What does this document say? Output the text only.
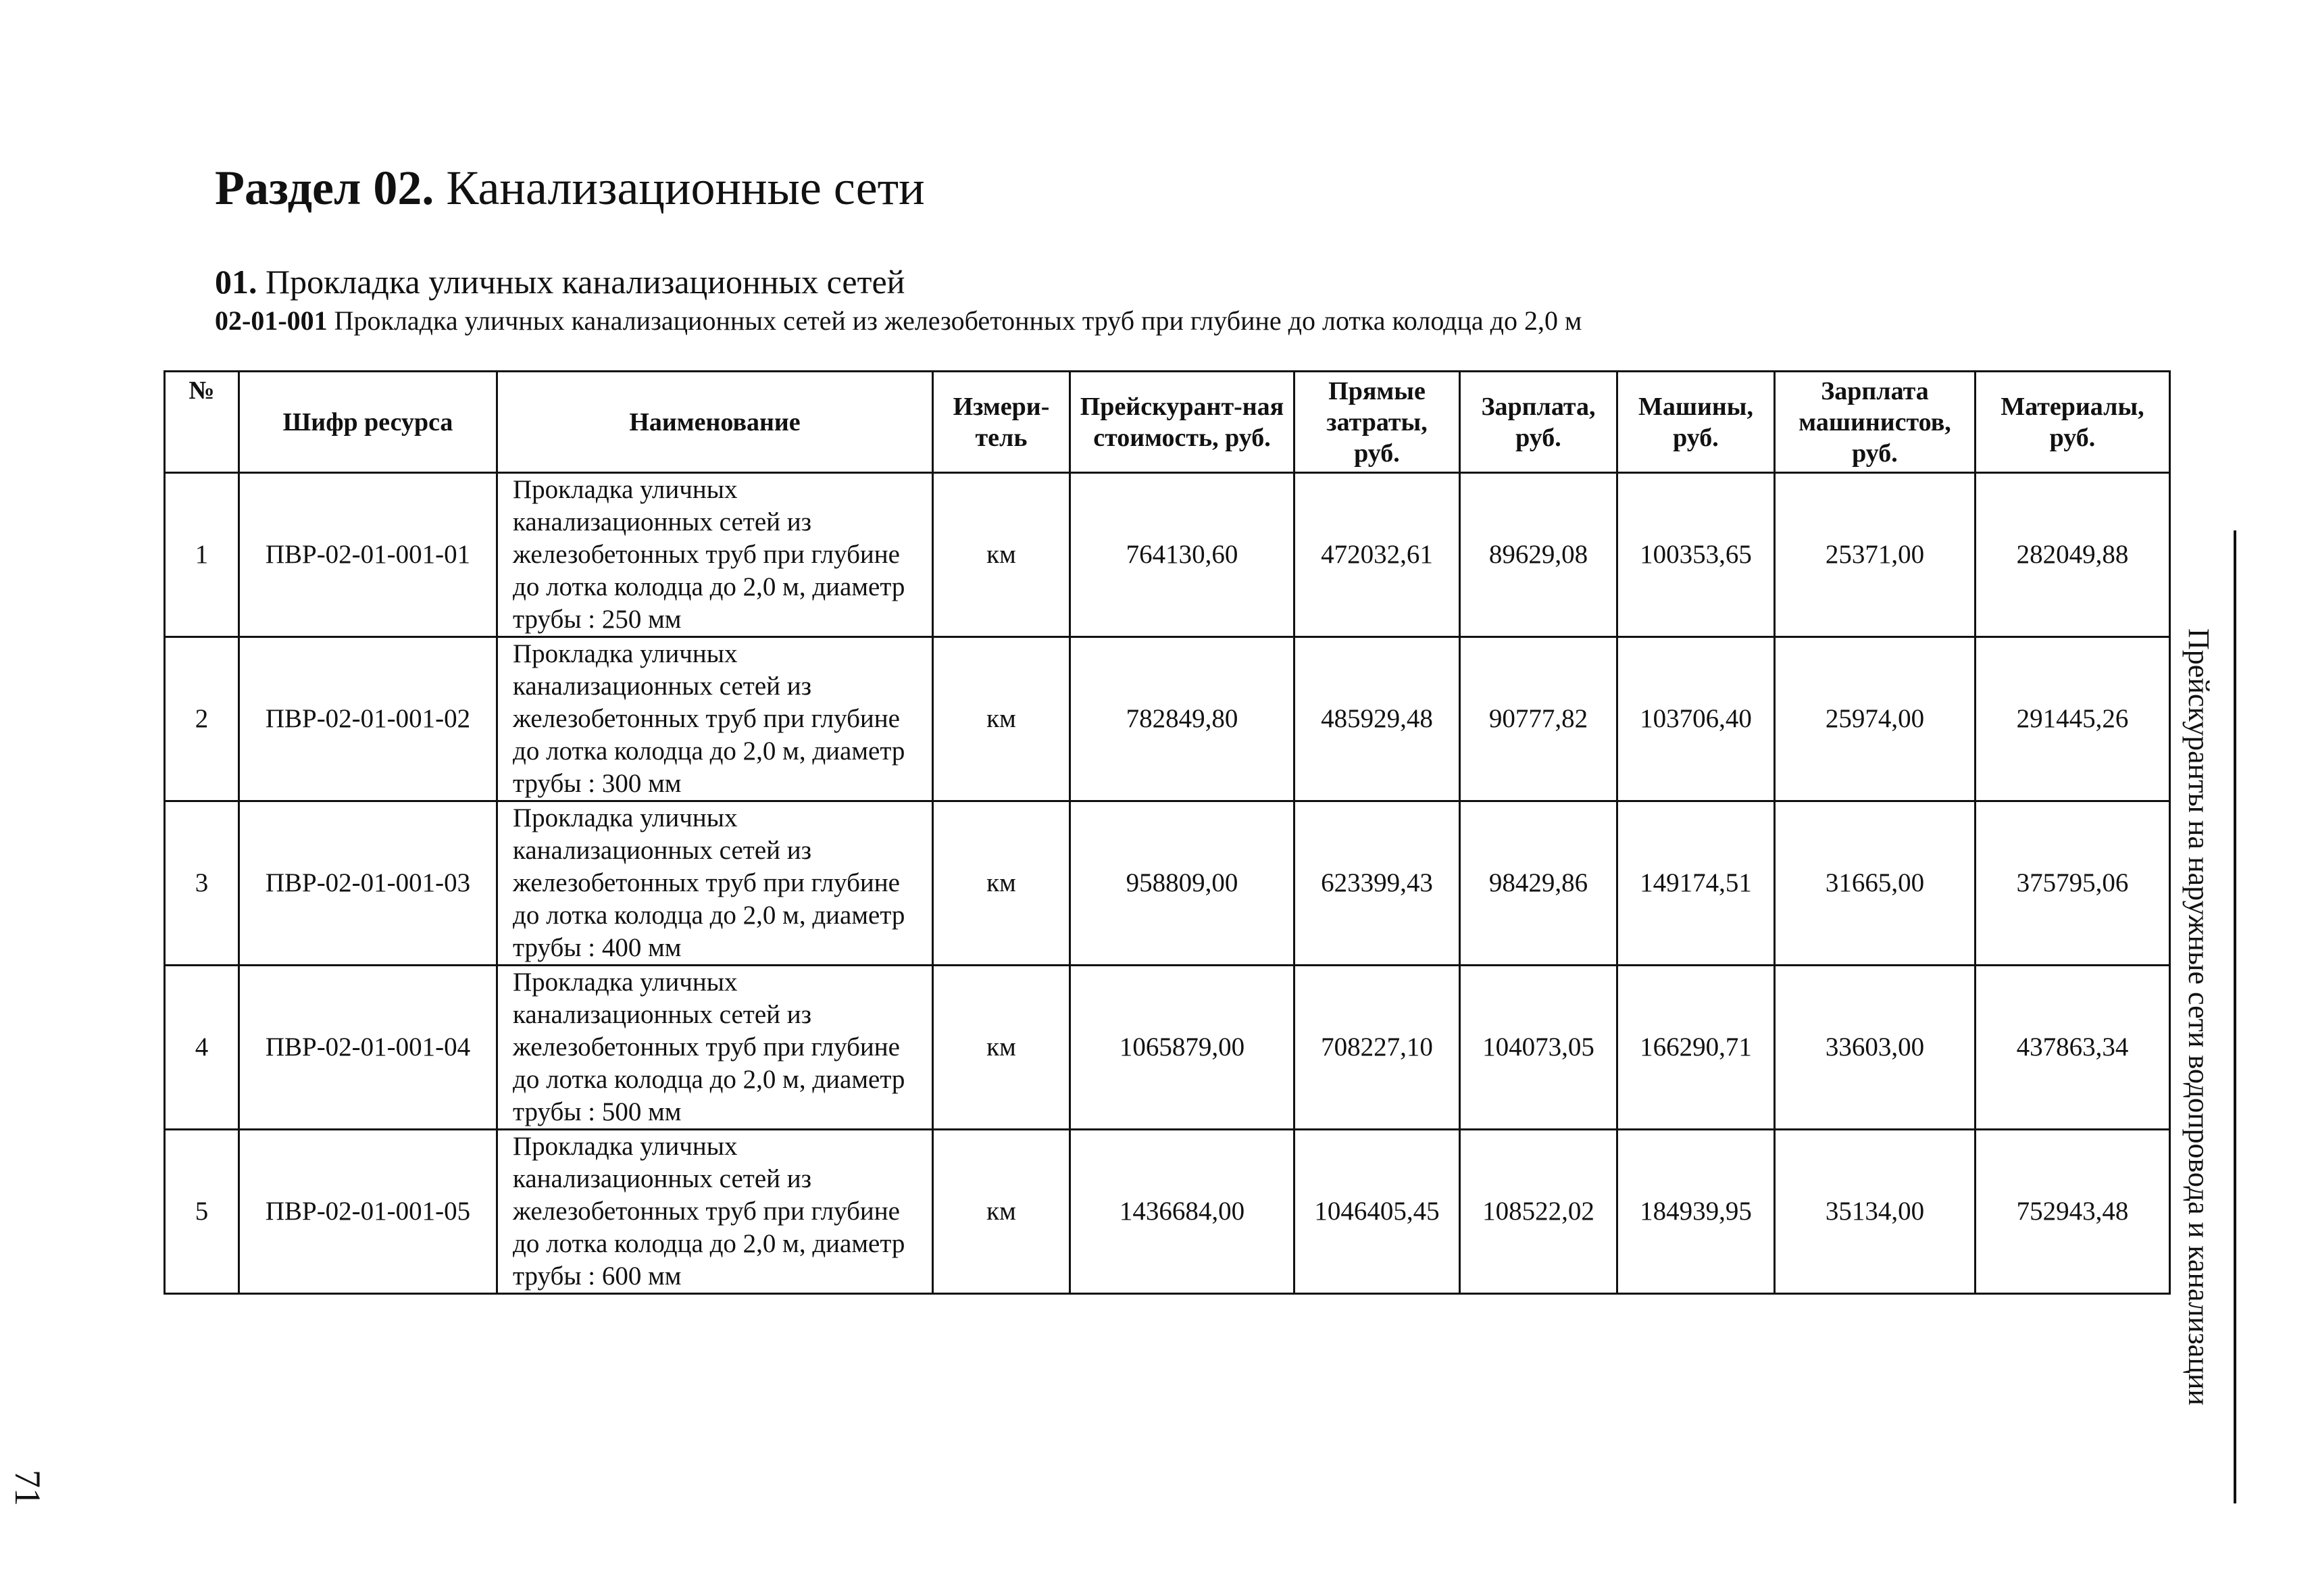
Раздел 02. Канализационные сети
01. Прокладка уличных канализационных сетей
02-01-001 Прокладка уличных канализационных сетей из железобетонных труб при глубине до лотка колодца до 2,0 м
№	Шифр ресурса	Наименование	Измери-тель	Прейскурант-ная стоимость, руб.	Прямые затраты, руб.	Зарплата, руб.	Машины, руб.	Зарплата машинистов, руб.	Материалы, руб.
1	ПВР-02-01-001-01	Прокладка уличных канализационных сетей из железобетонных труб при глубине до лотка колодца до 2,0 м, диаметр трубы : 250 мм	км	764130,60	472032,61	89629,08	100353,65	25371,00	282049,88
2	ПВР-02-01-001-02	Прокладка уличных канализационных сетей из железобетонных труб при глубине до лотка колодца до 2,0 м, диаметр трубы : 300 мм	км	782849,80	485929,48	90777,82	103706,40	25974,00	291445,26
3	ПВР-02-01-001-03	Прокладка уличных канализационных сетей из железобетонных труб при глубине до лотка колодца до 2,0 м, диаметр трубы : 400 мм	км	958809,00	623399,43	98429,86	149174,51	31665,00	375795,06
4	ПВР-02-01-001-04	Прокладка уличных канализационных сетей из железобетонных труб при глубине до лотка колодца до 2,0 м, диаметр трубы : 500 мм	км	1065879,00	708227,10	104073,05	166290,71	33603,00	437863,34
5	ПВР-02-01-001-05	Прокладка уличных канализационных сетей из железобетонных труб при глубине до лотка колодца до 2,0 м, диаметр трубы : 600 мм	км	1436684,00	1046405,45	108522,02	184939,95	35134,00	752943,48 Прейскуранты на наружные сети водопровода и канализации
71
